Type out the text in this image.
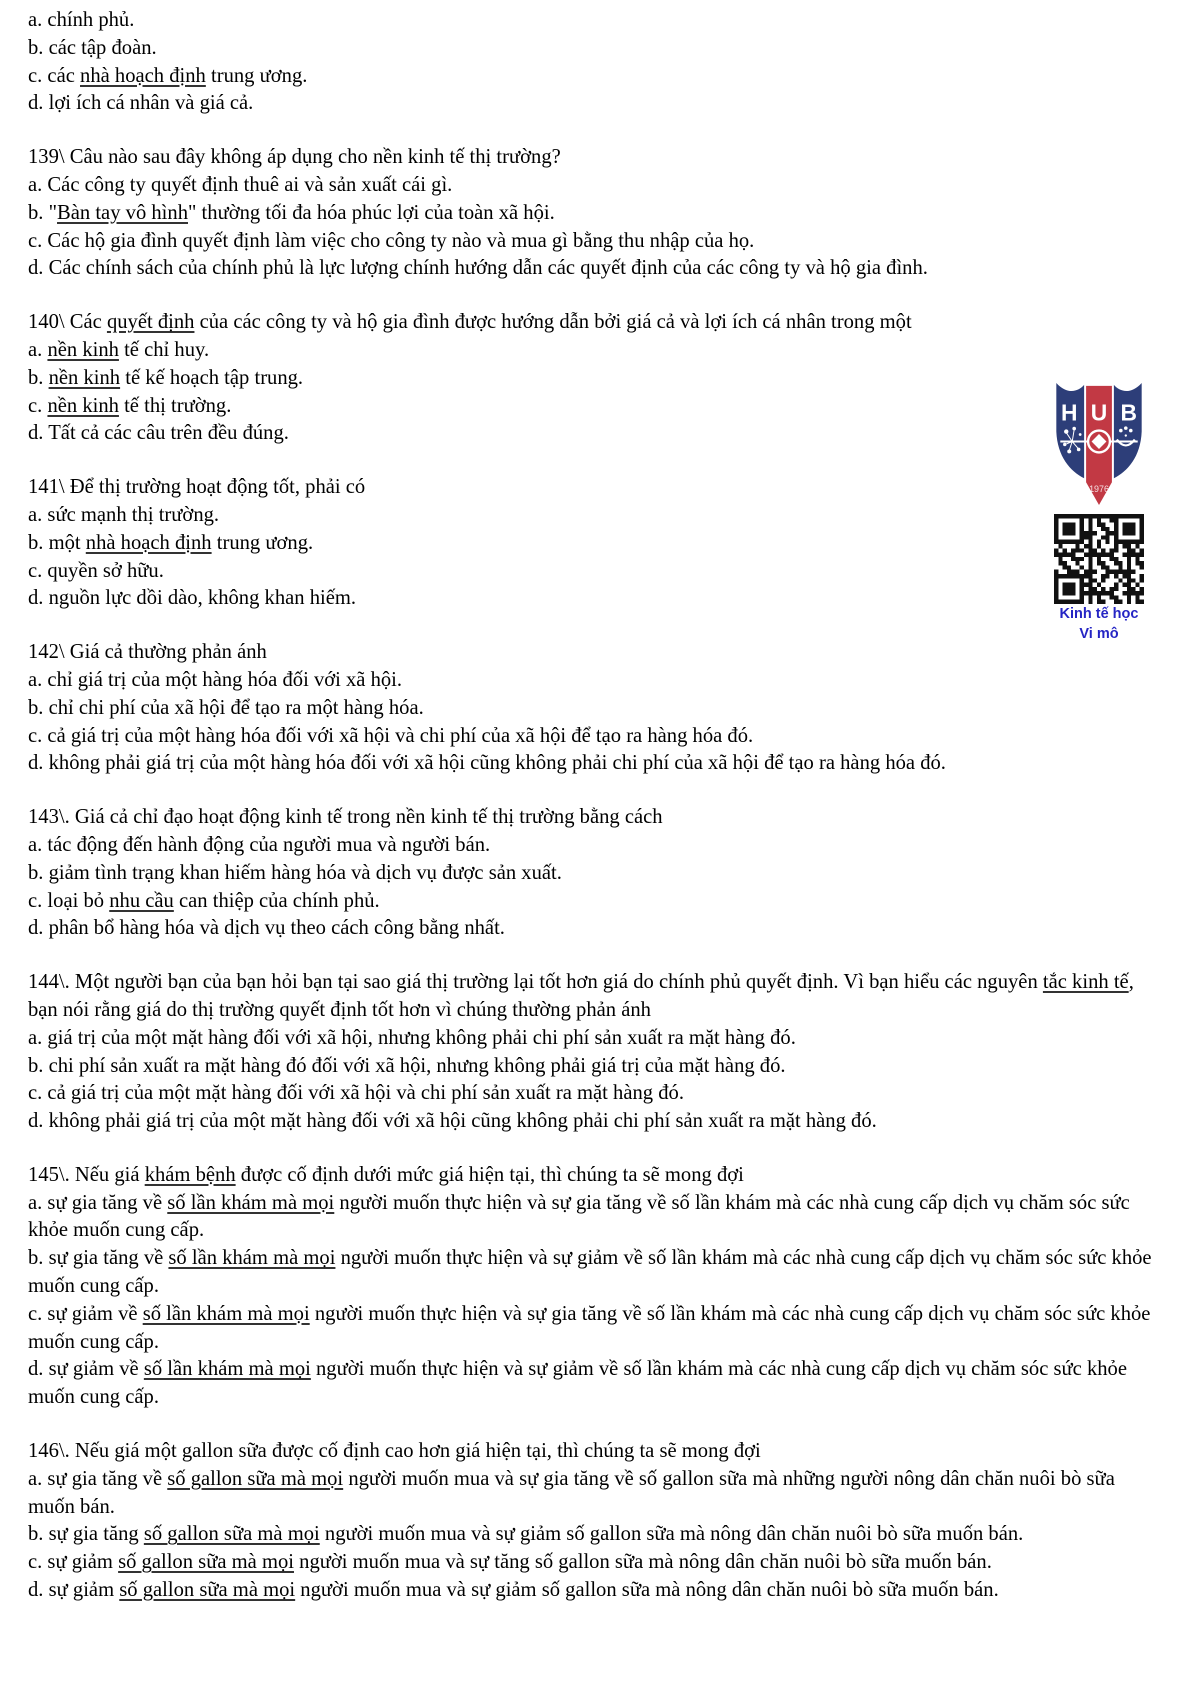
a. chính phủ.
b. các tập đoàn.
c. các nhà hoạch định trung ương.
d. lợi ích cá nhân và giá cả.
139\ Câu nào sau đây không áp dụng cho nền kinh tế thị trường?
a. Các công ty quyết định thuê ai và sản xuất cái gì.
b. "Bàn tay vô hình" thường tối đa hóa phúc lợi của toàn xã hội.
c. Các hộ gia đình quyết định làm việc cho công ty nào và mua gì bằng thu nhập của họ.
d. Các chính sách của chính phủ là lực lượng chính hướng dẫn các quyết định của các công ty và hộ gia đình.
140\ Các quyết định của các công ty và hộ gia đình được hướng dẫn bởi giá cả và lợi ích cá nhân trong một
a. nền kinh tế chỉ huy.
b. nền kinh tế kế hoạch tập trung.
c. nền kinh tế thị trường.
d. Tất cả các câu trên đều đúng.
141\ Để thị trường hoạt động tốt, phải có
a. sức mạnh thị trường.
b. một nhà hoạch định trung ương.
c. quyền sở hữu.
d. nguồn lực dồi dào, không khan hiếm.
142\ Giá cả thường phản ánh
a. chỉ giá trị của một hàng hóa đối với xã hội.
b. chỉ chi phí của xã hội để tạo ra một hàng hóa.
c. cả giá trị của một hàng hóa đối với xã hội và chi phí của xã hội để tạo ra hàng hóa đó.
d. không phải giá trị của một hàng hóa đối với xã hội cũng không phải chi phí của xã hội để tạo ra hàng hóa đó.
143\. Giá cả chỉ đạo hoạt động kinh tế trong nền kinh tế thị trường bằng cách
a. tác động đến hành động của người mua và người bán.
b. giảm tình trạng khan hiếm hàng hóa và dịch vụ được sản xuất.
c. loại bỏ nhu cầu can thiệp của chính phủ.
d. phân bổ hàng hóa và dịch vụ theo cách công bằng nhất.
144\. Một người bạn của bạn hỏi bạn tại sao giá thị trường lại tốt hơn giá do chính phủ quyết định. Vì bạn hiểu các nguyên tắc kinh tế, bạn nói rằng giá do thị trường quyết định tốt hơn vì chúng thường phản ánh
a. giá trị của một mặt hàng đối với xã hội, nhưng không phải chi phí sản xuất ra mặt hàng đó.
b. chi phí sản xuất ra mặt hàng đó đối với xã hội, nhưng không phải giá trị của mặt hàng đó.
c. cả giá trị của một mặt hàng đối với xã hội và chi phí sản xuất ra mặt hàng đó.
d. không phải giá trị của một mặt hàng đối với xã hội cũng không phải chi phí sản xuất ra mặt hàng đó.
145\. Nếu giá khám bệnh được cố định dưới mức giá hiện tại, thì chúng ta sẽ mong đợi
a. sự gia tăng về số lần khám mà mọi người muốn thực hiện và sự gia tăng về số lần khám mà các nhà cung cấp dịch vụ chăm sóc sức khỏe muốn cung cấp.
b. sự gia tăng về số lần khám mà mọi người muốn thực hiện và sự giảm về số lần khám mà các nhà cung cấp dịch vụ chăm sóc sức khỏe muốn cung cấp.
c. sự giảm về số lần khám mà mọi người muốn thực hiện và sự gia tăng về số lần khám mà các nhà cung cấp dịch vụ chăm sóc sức khỏe muốn cung cấp.
d. sự giảm về số lần khám mà mọi người muốn thực hiện và sự giảm về số lần khám mà các nhà cung cấp dịch vụ chăm sóc sức khỏe muốn cung cấp.
146\. Nếu giá một gallon sữa được cố định cao hơn giá hiện tại, thì chúng ta sẽ mong đợi
a. sự gia tăng về số gallon sữa mà mọi người muốn mua và sự gia tăng về số gallon sữa mà những người nông dân chăn nuôi bò sữa muốn bán.
b. sự gia tăng số gallon sữa mà mọi người muốn mua và sự giảm số gallon sữa mà nông dân chăn nuôi bò sữa muốn bán.
c. sự giảm số gallon sữa mà mọi người muốn mua và sự tăng số gallon sữa mà nông dân chăn nuôi bò sữa muốn bán.
d. sự giảm số gallon sữa mà mọi người muốn mua và sự giảm số gallon sữa mà nông dân chăn nuôi bò sữa muốn bán.
H U B
1976
Kinh tế học
Vi mô
